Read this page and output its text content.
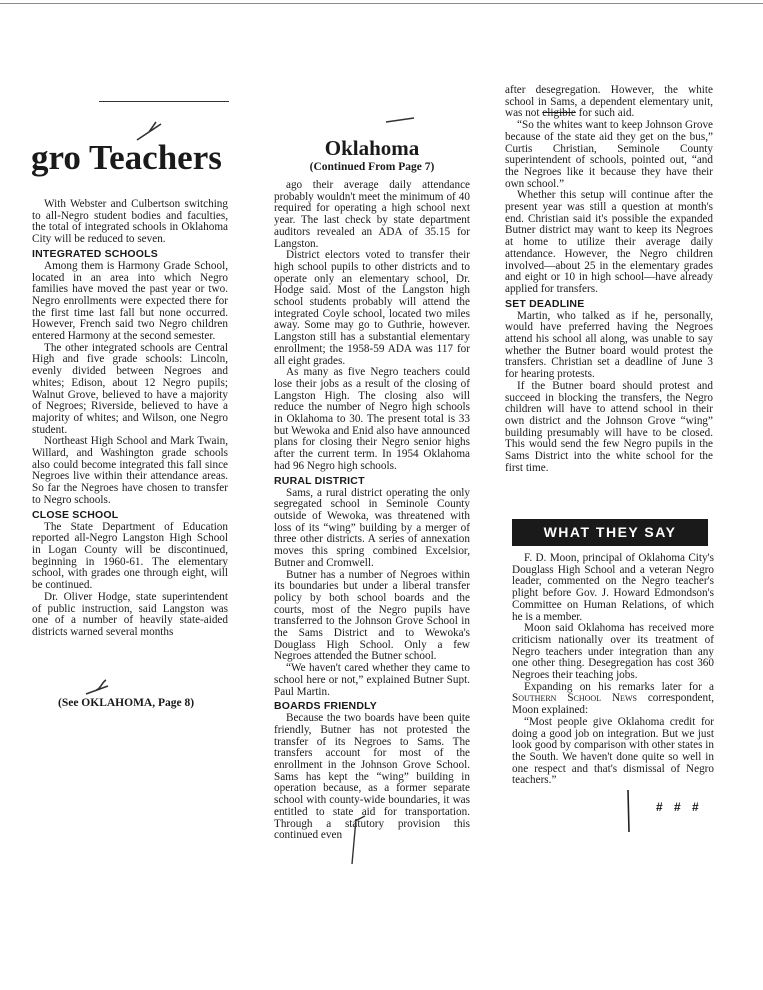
gro Teachers	Oklahoma
(Continued From Page 7)

With Webster and Culbertson switching to all-Negro student bodies and faculties, the total of integrated schools in Oklahoma City will be reduced to seven.

INTEGRATED SCHOOLS

Among them is Harmony Grade School, located in an area into which Negro families have moved the past year or two. Negro enrollments were expected there for the first time last fall but none occurred. However, French said two Negro children entered Harmony at the second semester.

The other integrated schools are Central High and five grade schools: Lincoln, evenly divided between Negroes and whites; Edison, about 12 Negro pupils; Walnut Grove, believed to have a majority of Negroes; Riverside, believed to have a majority of whites; and Wilson, one Negro student.

Northeast High School and Mark Twain, Willard, and Washington grade schools also could become integrated this fall since Negroes live within their attendance areas. So far the Negroes have chosen to transfer to Negro schools.

CLOSE SCHOOL

The State Department of Education reported all-Negro Langston High School in Logan County will be discontinued, beginning in 1960-61. The elementary school, with grades one through eight, will be continued.

Dr. Oliver Hodge, state superintendent of public instruction, said Langston was one of a number of heavily state-aided districts warned several months

(See OKLAHOMA, Page 8)

ago their average daily attendance probably wouldn't meet the minimum of 40 required for operating a high school next year. The last check by state department auditors revealed an ADA of 35.15 for Langston.

District electors voted to transfer their high school pupils to other districts and to operate only an elementary school, Dr. Hodge said. Most of the Langston high school students probably will attend the integrated Coyle school, located two miles away. Some may go to Guthrie, however. Langston still has a substantial elementary enrollment; the 1958-59 ADA was 117 for all eight grades.

As many as five Negro teachers could lose their jobs as a result of the closing of Langston High. The closing also will reduce the number of Negro high schools in Oklahoma to 30. The present total is 33 but Wewoka and Enid also have announced plans for closing their Negro senior highs after the current term. In 1954 Oklahoma had 96 Negro high schools.

RURAL DISTRICT

Sams, a rural district operating the only segregated school in Seminole County outside of Wewoka, was threatened with loss of its “wing” building by a merger of three other districts. A series of annexation moves this spring combined Excelsior, Butner and Cromwell.

Butner has a number of Negroes within its boundaries but under a liberal transfer policy by both school boards and the courts, most of the Negro pupils have transferred to the Johnson Grove School in the Sams District and to Wewoka's Douglass High School. Only a few Negroes attended the Butner school.

“We haven't cared whether they came to school here or not,” explained Butner Supt. Paul Martin.

BOARDS FRIENDLY

Because the two boards have been quite friendly, Butner has not protested the transfer of its Negroes to Sams. The transfers account for most of the enrollment in the Johnson Grove School. Sams has kept the “wing” building in operation because, as a former separate school with county-wide boundaries, it was entitled to state aid for transportation. Through a statutory provision this continued even

after desegregation. However, the white school in Sams, a dependent elementary unit, was not eligible for such aid.

“So the whites want to keep Johnson Grove because of the state aid they get on the bus,” Curtis Christian, Seminole County superintendent of schools, pointed out, “and the Negroes like it because they have their own school.”

Whether this setup will continue after the present year was still a question at month's end. Christian said it's possible the expanded Butner district may want to keep its Negroes at home to utilize their average daily attendance. However, the Negro children involved—about 25 in the elementary grades and eight or 10 in high school—have already applied for transfers.

SET DEADLINE

Martin, who talked as if he, personally, would have preferred having the Negroes attend his school all along, was unable to say whether the Butner board would protest the transfers. Christian set a deadline of June 3 for hearing protests.

If the Butner board should protest and succeed in blocking the transfers, the Negro children will have to attend school in their own district and the Johnson Grove “wing” building presumably will have to be closed. This would send the few Negro pupils in the Sams District into the white school for the first time.

WHAT THEY SAY

F. D. Moon, principal of Oklahoma City's Douglass High School and a veteran Negro leader, commented on the Negro teacher's plight before Gov. J. Howard Edmondson's Committee on Human Relations, of which he is a member.

Moon said Oklahoma has received more criticism nationally over its treatment of Negro teachers under integration than any one other thing. Desegregation has cost 360 Negroes their teaching jobs.

Expanding on his remarks later for a Southern School News correspondent, Moon explained:

“Most people give Oklahoma credit for doing a good job on integration. But we just look good by comparison with other states in the South. We haven't done quite so well in one respect and that's dismissal of Negro teachers.”

# # #
